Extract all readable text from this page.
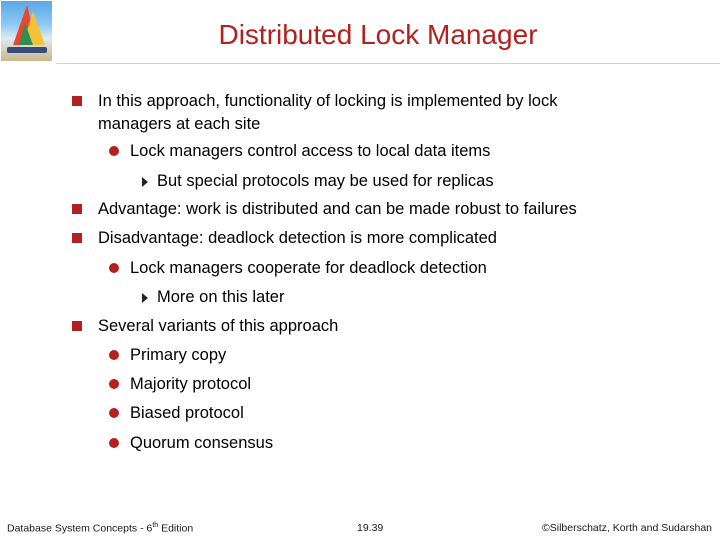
Distributed Lock Manager
In this approach, functionality of locking is implemented by lock
managers at each site
Lock managers control access to local data items
But special protocols may be used for replicas
Advantage: work is distributed and can be made robust to failures
Disadvantage: deadlock detection is more complicated
Lock managers cooperate for deadlock detection
More on this later
Several variants of this approach
Primary copy
Majority protocol
Biased protocol
Quorum consensus
Database System Concepts - 6th Edition	19.39	©Silberschatz, Korth and Sudarshan
